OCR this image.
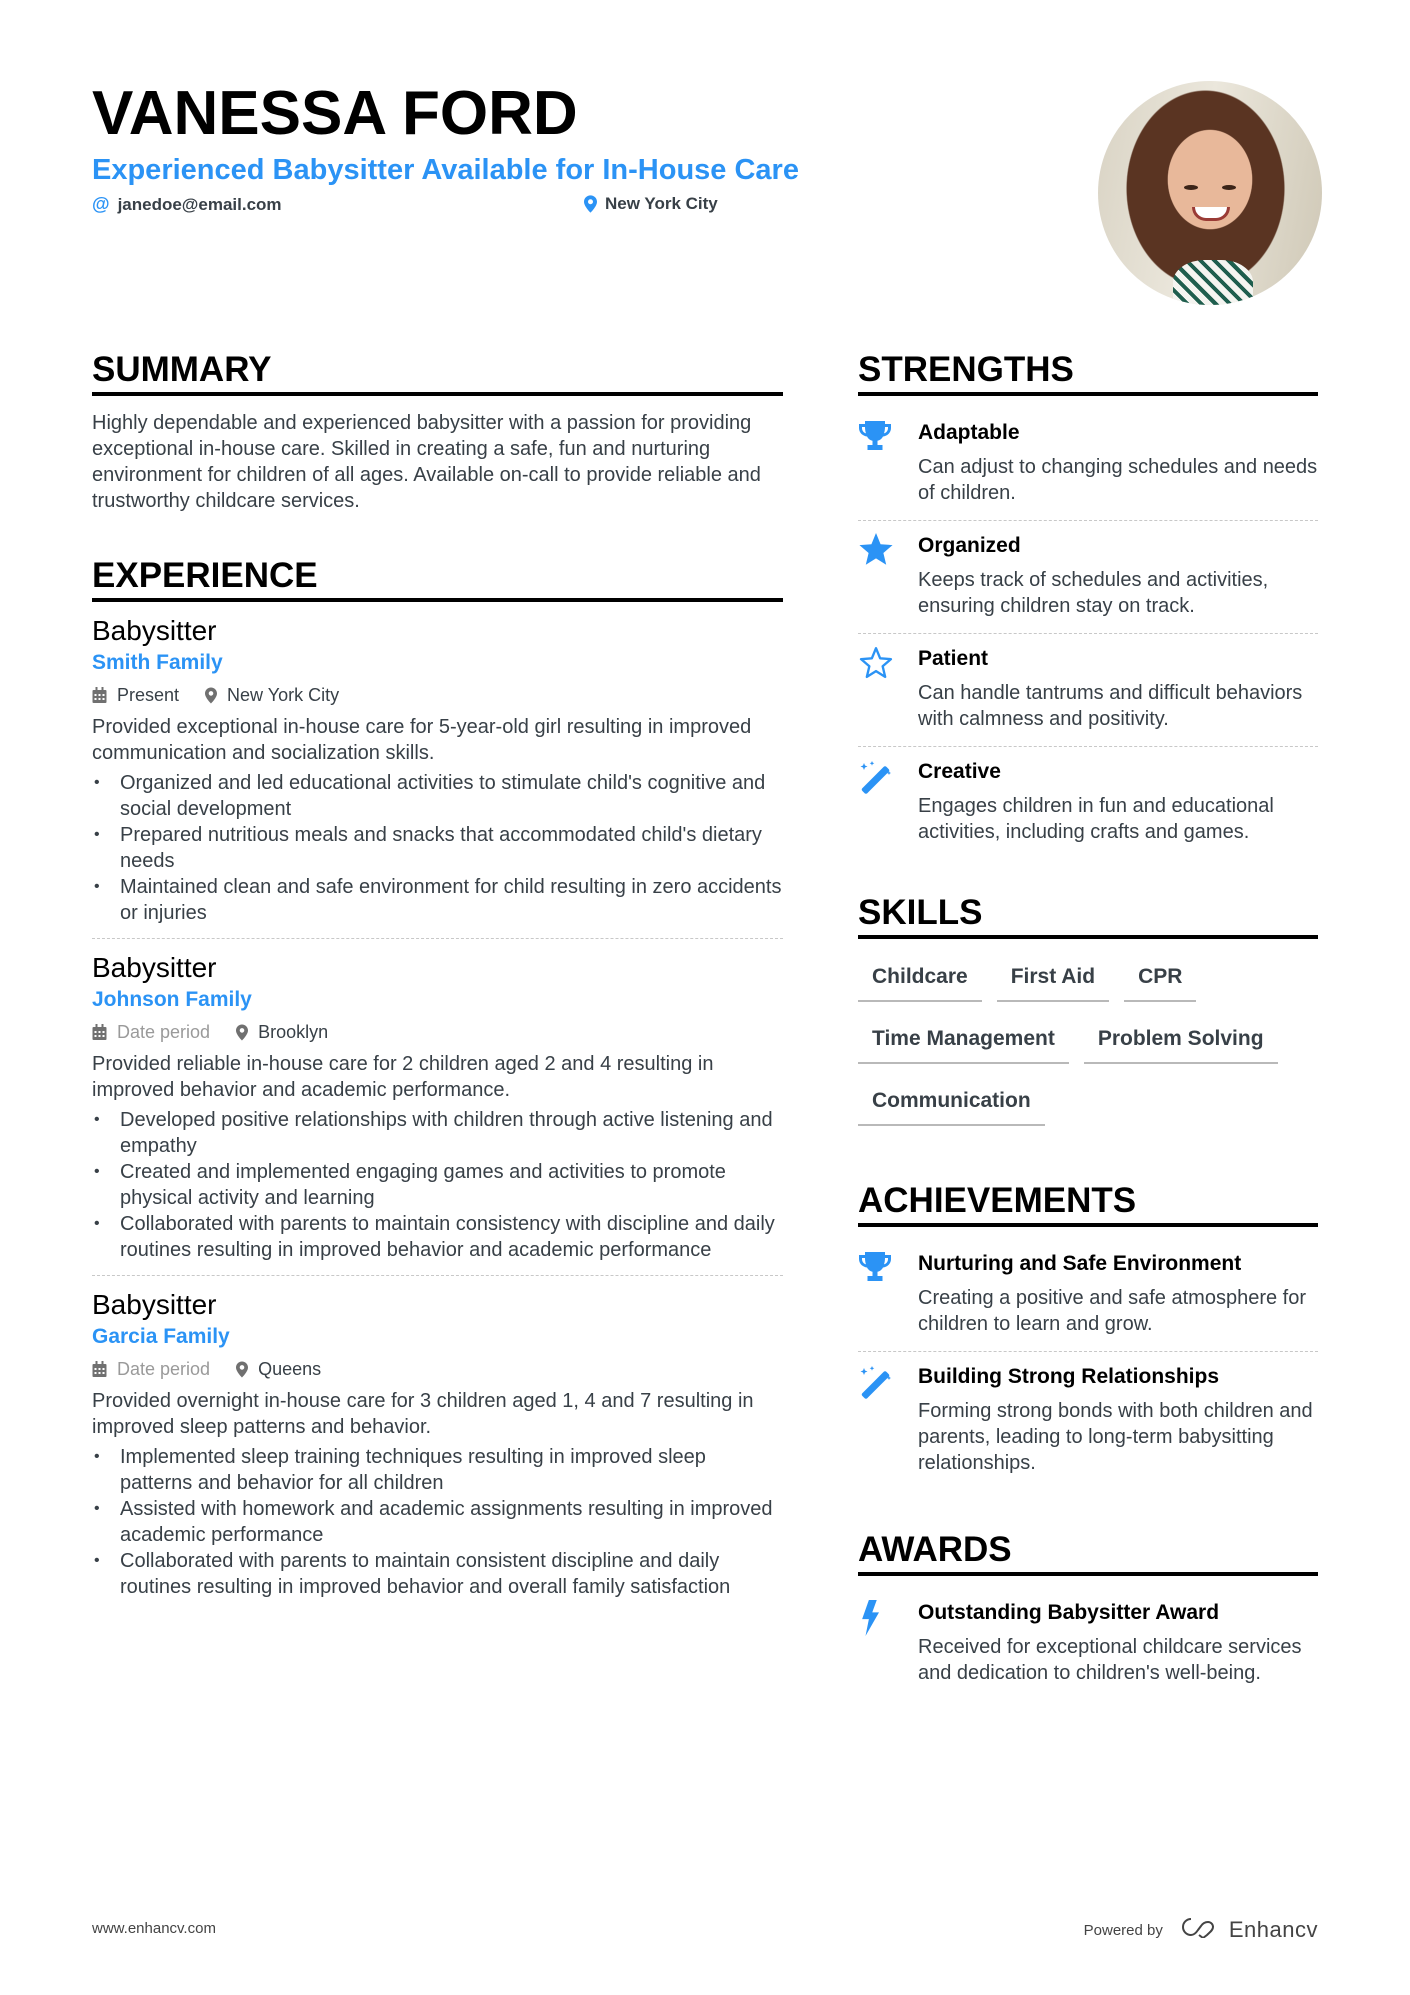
VANESSA FORD
Experienced Babysitter Available for In-House Care
@ janedoe@email.com	New York City
SUMMARY

Highly dependable and experienced babysitter with a passion for providing exceptional in-house care. Skilled in creating a safe, fun and nurturing environment for children of all ages. Available on-call to provide reliable and trustworthy childcare services.

EXPERIENCE
Babysitter
Smith Family
Present	New York City
Provided exceptional in-house care for 5-year-old girl resulting in improved communication and socialization skills.
• Organized and led educational activities to stimulate child's cognitive and social development
• Prepared nutritious meals and snacks that accommodated child's dietary needs
• Maintained clean and safe environment for child resulting in zero accidents or injuries
Babysitter
Johnson Family
Date period	Brooklyn
Provided reliable in-house care for 2 children aged 2 and 4 resulting in improved behavior and academic performance.
• Developed positive relationships with children through active listening and empathy
• Created and implemented engaging games and activities to promote physical activity and learning
• Collaborated with parents to maintain consistency with discipline and daily routines resulting in improved behavior and academic performance
Babysitter
Garcia Family
Date period	Queens
Provided overnight in-house care for 3 children aged 1, 4 and 7 resulting in improved sleep patterns and behavior.
• Implemented sleep training techniques resulting in improved sleep patterns and behavior for all children
• Assisted with homework and academic assignments resulting in improved academic performance
• Collaborated with parents to maintain consistent discipline and daily routines resulting in improved behavior and overall family satisfaction
STRENGTHS
Adaptable
Can adjust to changing schedules and needs of children.
Organized
Keeps track of schedules and activities, ensuring children stay on track.
Patient
Can handle tantrums and difficult behaviors with calmness and positivity.
Creative
Engages children in fun and educational activities, including crafts and games.
SKILLS
Childcare	First Aid	CPR
Time Management	Problem Solving
Communication
ACHIEVEMENTS
Nurturing and Safe Environment
Creating a positive and safe atmosphere for children to learn and grow.
Building Strong Relationships
Forming strong bonds with both children and parents, leading to long-term babysitting relationships.
AWARDS
Outstanding Babysitter Award
Received for exceptional childcare services and dedication to children's well-being.
www.enhancv.com	Powered by	Enhancv
